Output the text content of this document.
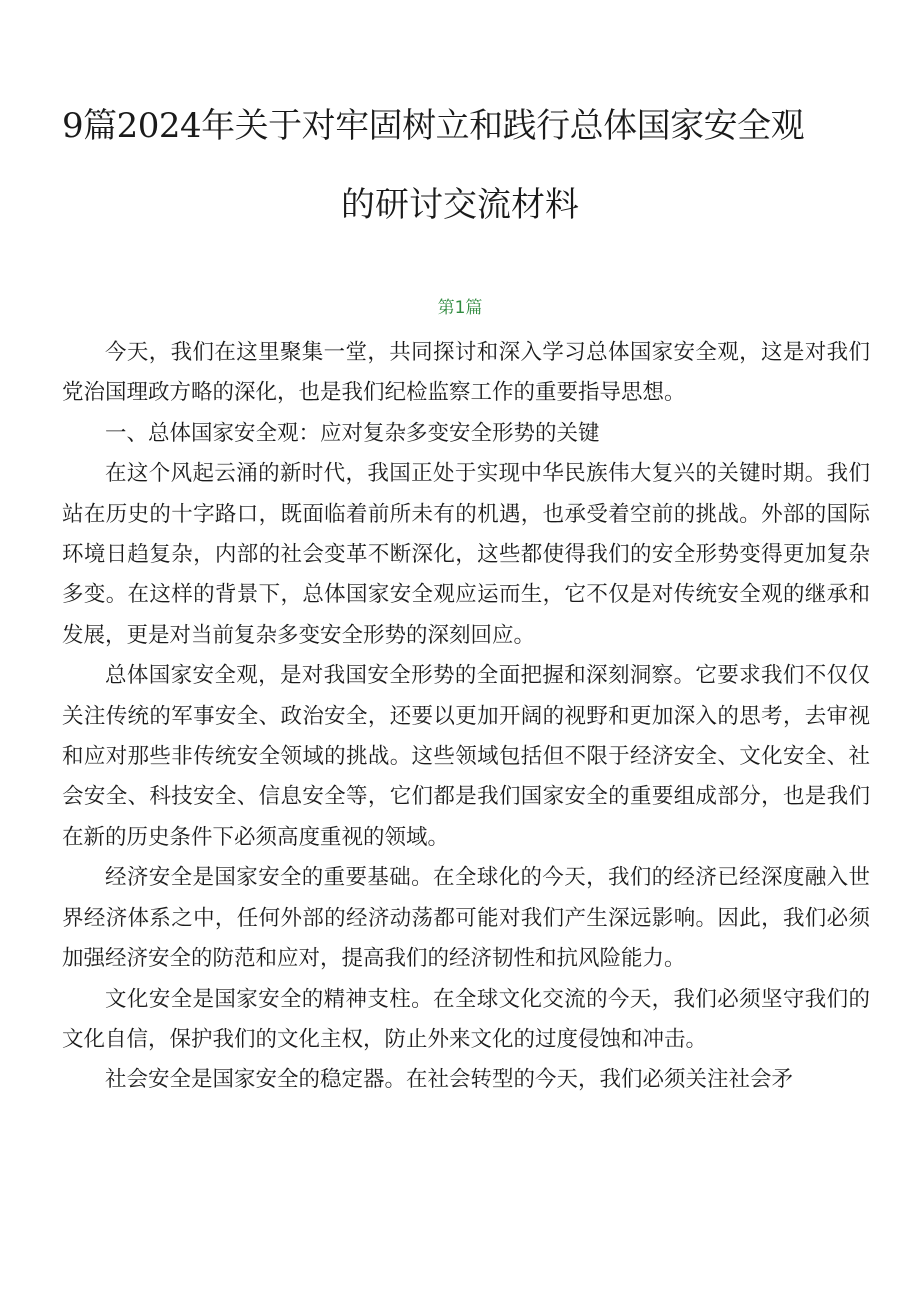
9篇2024年关于对牢固树立和践行总体国家安全观
的研讨交流材料
第1篇

今天，我们在这里聚集一堂，共同探讨和深入学习总体国家安全观，这是对我们党治国理政方略的深化，也是我们纪检监察工作的重要指导思想。

一、总体国家安全观：应对复杂多变安全形势的关键

在这个风起云涌的新时代，我国正处于实现中华民族伟大复兴的关键时期。我们站在历史的十字路口，既面临着前所未有的机遇，也承受着空前的挑战。外部的国际环境日趋复杂，内部的社会变革不断深化，这些都使得我们的安全形势变得更加复杂多变。在这样的背景下，总体国家安全观应运而生，它不仅是对传统安全观的继承和发展，更是对当前复杂多变安全形势的深刻回应。

总体国家安全观，是对我国安全形势的全面把握和深刻洞察。它要求我们不仅仅关注传统的军事安全、政治安全，还要以更加开阔的视野和更加深入的思考，去审视和应对那些非传统安全领域的挑战。这些领域包括但不限于经济安全、文化安全、社会安全、科技安全、信息安全等，它们都是我们国家安全的重要组成部分，也是我们在新的历史条件下必须高度重视的领域。

经济安全是国家安全的重要基础。在全球化的今天，我们的经济已经深度融入世界经济体系之中，任何外部的经济动荡都可能对我们产生深远影响。因此，我们必须加强经济安全的防范和应对，提高我们的经济韧性和抗风险能力。

文化安全是国家安全的精神支柱。在全球文化交流的今天，我们必须坚守我们的文化自信，保护我们的文化主权，防止外来文化的过度侵蚀和冲击。

社会安全是国家安全的稳定器。在社会转型的今天，我们必须关注社会矛
